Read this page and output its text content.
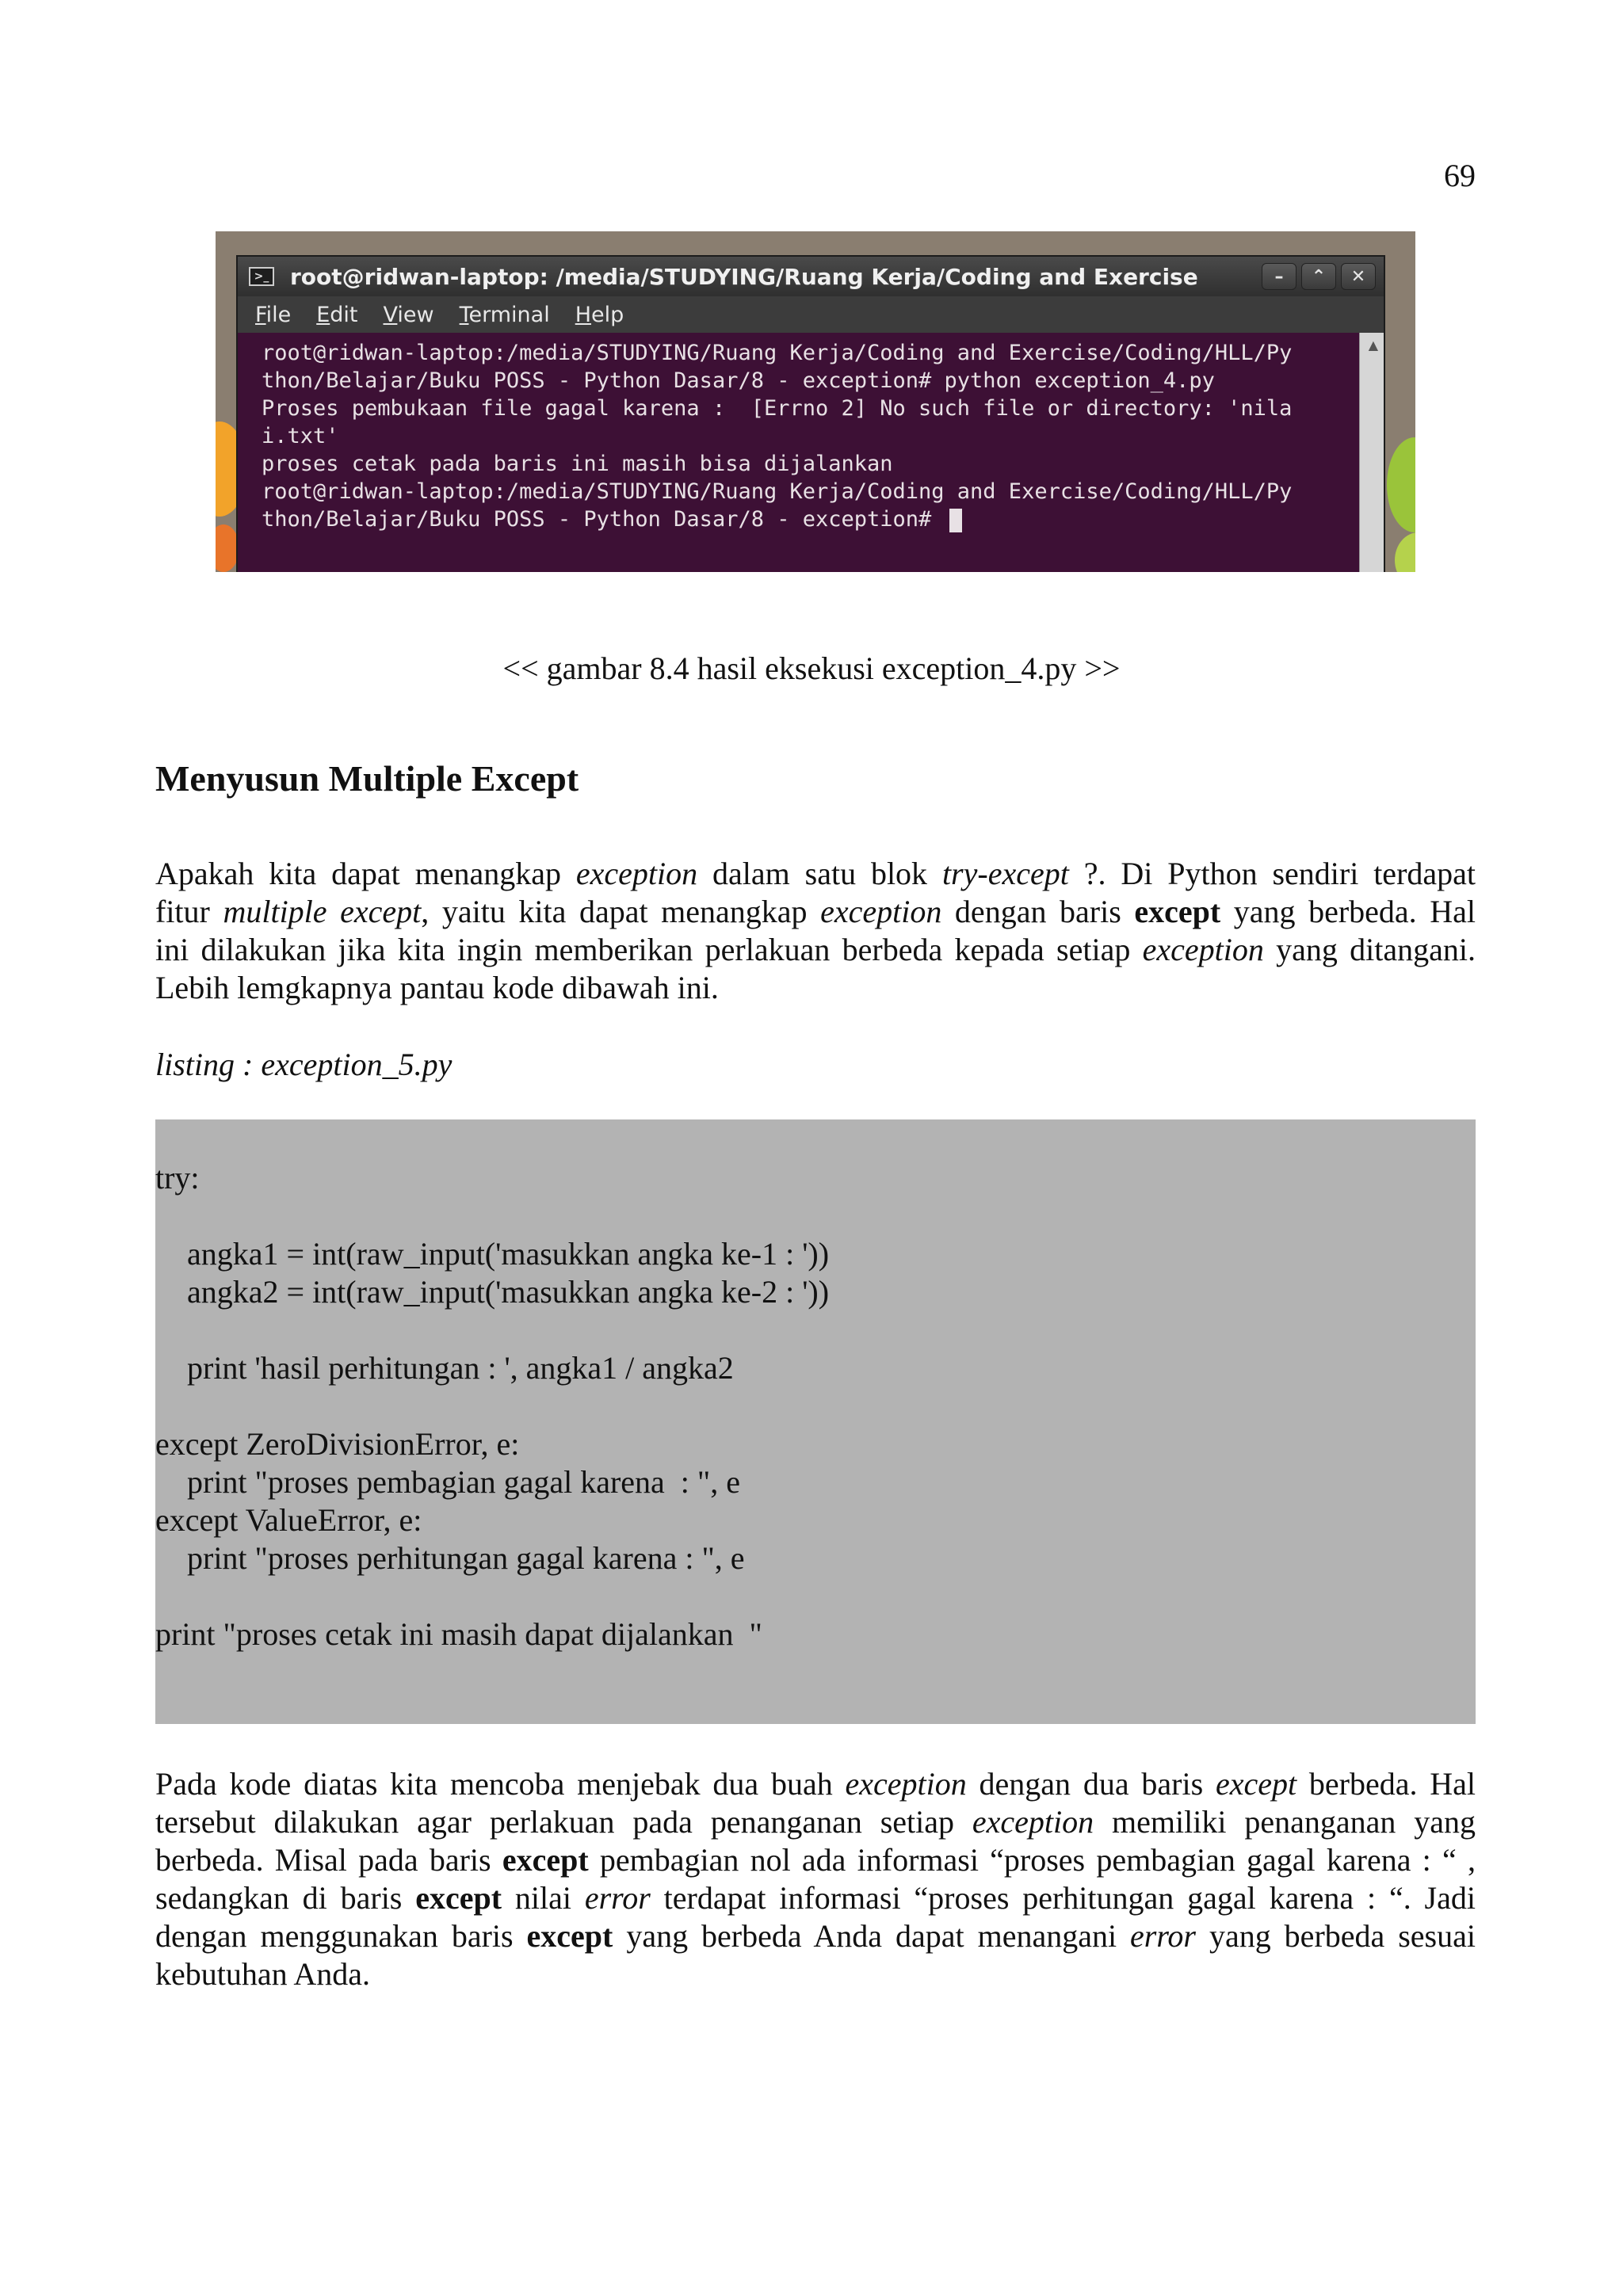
69
>_ root@ridwan-laptop: /media/STUDYING/Ruang Kerja/Coding and Exercise	–	⌃	✕
File Edit View Terminal Help
root@ridwan-laptop:/media/STUDYING/Ruang Kerja/Coding and Exercise/Coding/HLL/Py
thon/Belajar/Buku POSS - Python Dasar/8 - exception# python exception_4.py
Proses pembukaan file gagal karena :  [Errno 2] No such file or directory: 'nila
i.txt'
proses cetak pada baris ini masih bisa dijalankan
root@ridwan-laptop:/media/STUDYING/Ruang Kerja/Coding and Exercise/Coding/HLL/Py
thon/Belajar/Buku POSS - Python Dasar/8 - exception#
▲
<< gambar 8.4 hasil eksekusi exception_4.py >>
Menyusun Multiple Except

Apakah kita dapat menangkap exception dalam satu blok try-except ?. Di Python sendiri terdapat
fitur multiple except, yaitu kita dapat menangkap exception dengan baris except yang berbeda. Hal
ini dilakukan jika kita ingin memberikan perlakuan berbeda kepada setiap exception yang ditangani.
Lebih lemgkapnya pantau kode dibawah ini.

listing : exception_5.py
try:
angka1 = int(raw_input('masukkan angka ke-1 : '))
angka2 = int(raw_input('masukkan angka ke-2 : '))
print 'hasil perhitungan : ', angka1 / angka2
except ZeroDivisionError, e:
print "proses pembagian gagal karena  : ", e
except ValueError, e:
print "proses perhitungan gagal karena : ", e
print "proses cetak ini masih dapat dijalankan  "

Pada kode diatas kita mencoba menjebak dua buah exception dengan dua baris except berbeda. Hal
tersebut dilakukan agar perlakuan pada penanganan setiap exception memiliki penanganan yang
berbeda. Misal pada baris except pembagian nol ada informasi “proses pembagian gagal karena : “ ,
sedangkan di baris except nilai error terdapat informasi “proses perhitungan gagal karena : “. Jadi
dengan menggunakan baris except yang berbeda Anda dapat menangani error yang berbeda sesuai
kebutuhan Anda.
